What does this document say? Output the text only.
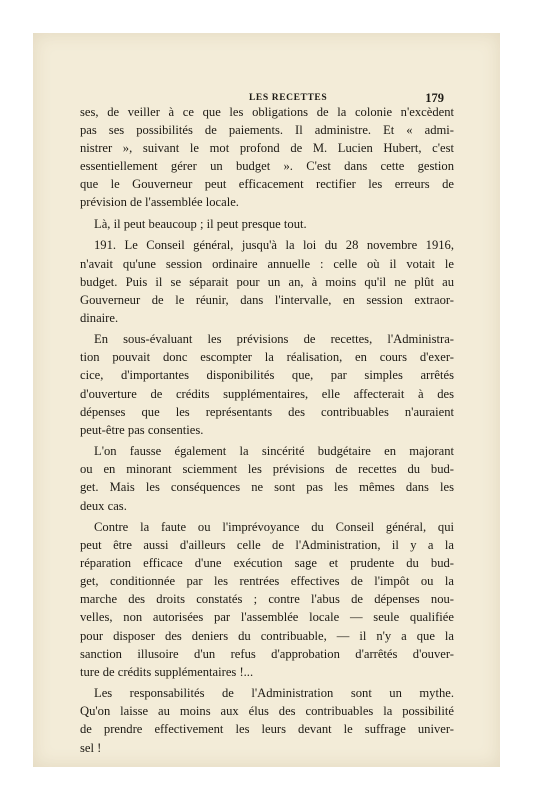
LES RECETTES	179
ses, de veiller à ce que les obligations de la colonie n'excèdent
pas ses possibilités de paiements. Il administre. Et « admi-
nistrer », suivant le mot profond de M. Lucien Hubert, c'est
essentiellement gérer un budget ». C'est dans cette gestion
que le Gouverneur peut efficacement rectifier les erreurs de
prévision de l'assemblée locale.
Là, il peut beaucoup ; il peut presque tout.
191. Le Conseil général, jusqu'à la loi du 28 novembre 1916,
n'avait qu'une session ordinaire annuelle : celle où il votait le
budget. Puis il se séparait pour un an, à moins qu'il ne plût au
Gouverneur de le réunir, dans l'intervalle, en session extraor-
dinaire.
En sous-évaluant les prévisions de recettes, l'Administra-
tion pouvait donc escompter la réalisation, en cours d'exer-
cice, d'importantes disponibilités que, par simples arrêtés
d'ouverture de crédits supplémentaires, elle affecterait à des
dépenses que les représentants des contribuables n'auraient
peut-être pas consenties.
L'on fausse également la sincérité budgétaire en majorant
ou en minorant sciemment les prévisions de recettes du bud-
get. Mais les conséquences ne sont pas les mêmes dans les
deux cas.
Contre la faute ou l'imprévoyance du Conseil général, qui
peut être aussi d'ailleurs celle de l'Administration, il y a la
réparation efficace d'une exécution sage et prudente du bud-
get, conditionnée par les rentrées effectives de l'impôt ou la
marche des droits constatés ; contre l'abus de dépenses nou-
velles, non autorisées par l'assemblée locale — seule qualifiée
pour disposer des deniers du contribuable, — il n'y a que la
sanction illusoire d'un refus d'approbation d'arrêtés d'ouver-
ture de crédits supplémentaires !...
Les responsabilités de l'Administration sont un mythe.
Qu'on laisse au moins aux élus des contribuables la possibilité
de prendre effectivement les leurs devant le suffrage univer-
sel !
